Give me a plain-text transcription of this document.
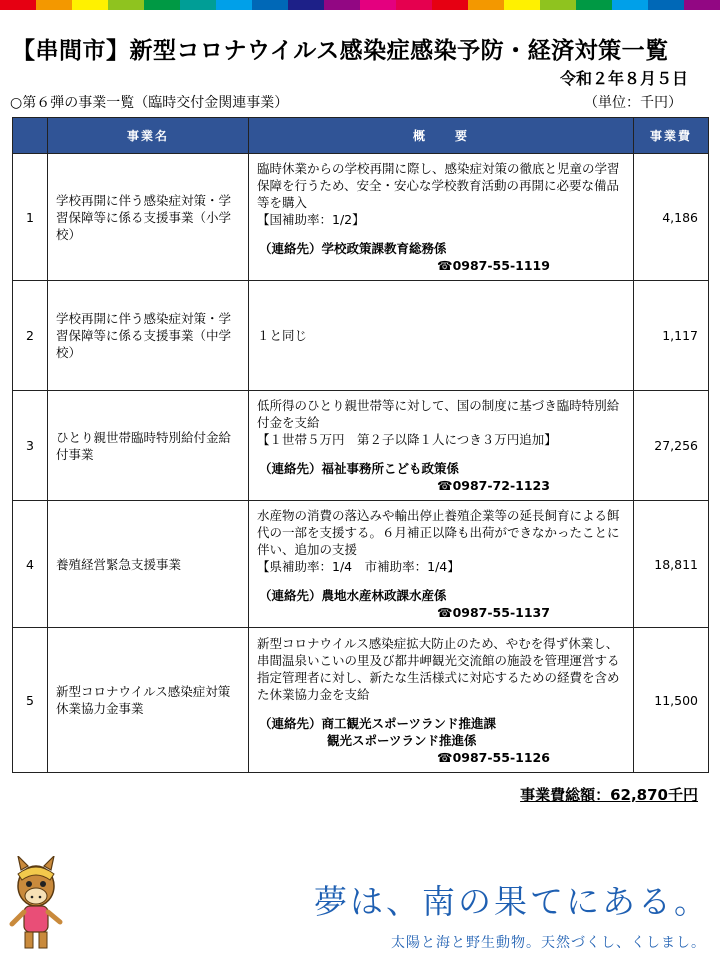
【串間市】新型コロナウイルス感染症感染予防・経済対策一覧
令和２年８月５日
○第６弾の事業一覧（臨時交付金関連事業）	（単位：千円）
	事業名	概　　要	事業費
1	学校再開に伴う感染症対策・学習保障等に係る支援事業（小学校）	臨時休業からの学校再開に際し、感染症対策の徹底と児童の学習保障を行うため、安全・安心な学校教育活動の再開に必要な備品等を購入
【国補助率：1/2】
（連絡先）学校政策課教育総務係
☎0987-55-1119	4,186
2	学校再開に伴う感染症対策・学習保障等に係る支援事業（中学校）	１と同じ	1,117
3	ひとり親世帯臨時特別給付金給付事業	低所得のひとり親世帯等に対して、国の制度に基づき臨時特別給付金を支給
【１世帯５万円　第２子以降１人につき３万円追加】
（連絡先）福祉事務所こども政策係
☎0987-72-1123	27,256
4	養殖経営緊急支援事業	水産物の消費の落込みや輸出停止養殖企業等の延長飼育による餌代の一部を支援する。６月補正以降も出荷ができなかったことに伴い、追加の支援
【県補助率：1/4　市補助率：1/4】
（連絡先）農地水産林政課水産係
☎0987-55-1137	18,811
5	新型コロナウイルス感染症対策休業協力金事業	新型コロナウイルス感染症拡大防止のため、やむを得ず休業し、串間温泉いこいの里及び都井岬観光交流館の施設を管理運営する指定管理者に対し、新たな生活様式に対応するための経費を含めた休業協力金を支給
（連絡先）商工観光スポーツランド推進課
観光スポーツランド推進係
☎0987-55-1126	11,500
事業費総額：62,870千円
夢は、南の果てにある。
太陽と海と野生動物。天然づくし、くしまし。
